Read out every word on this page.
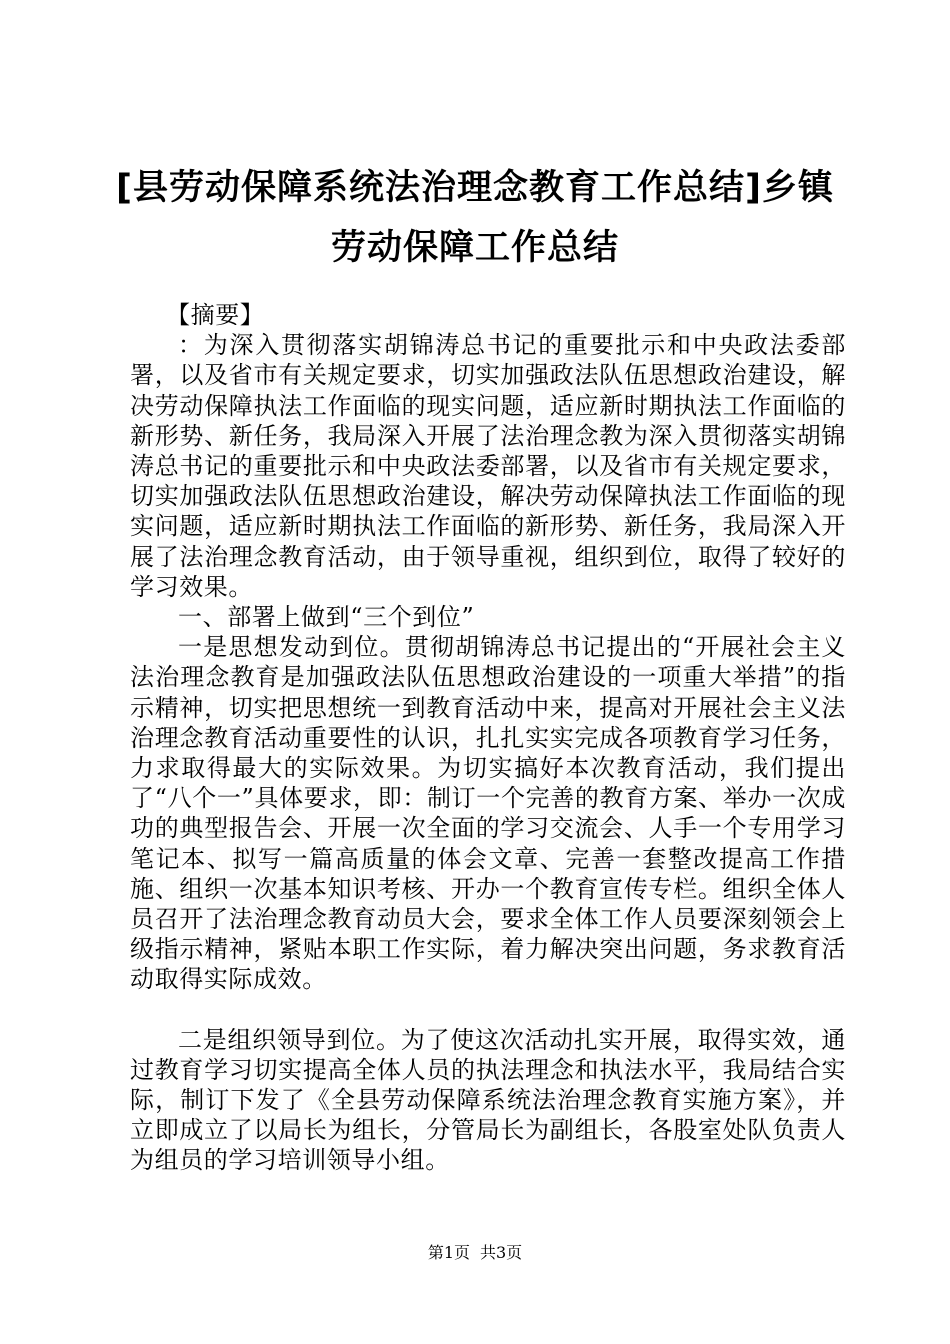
[县劳动保障系统法治理念教育工作总结]乡镇劳动保障工作总结

【摘要】

：为深入贯彻落实胡锦涛总书记的重要批示和中央政法委部署，以及省市有关规定要求，切实加强政法队伍思想政治建设，解决劳动保障执法工作面临的现实问题，适应新时期执法工作面临的新形势、新任务，我局深入开展了法治理念教为深入贯彻落实胡锦涛总书记的重要批示和中央政法委部署，以及省市有关规定要求，切实加强政法队伍思想政治建设，解决劳动保障执法工作面临的现实问题，适应新时期执法工作面临的新形势、新任务，我局深入开展了法治理念教育活动，由于领导重视，组织到位，取得了较好的学习效果。

一、部署上做到“三个到位”

一是思想发动到位。贯彻胡锦涛总书记提出的“开展社会主义法治理念教育是加强政法队伍思想政治建设的一项重大举措”的指示精神，切实把思想统一到教育活动中来，提高对开展社会主义法治理念教育活动重要性的认识，扎扎实实完成各项教育学习任务，力求取得最大的实际效果。为切实搞好本次教育活动，我们提出了“八个一”具体要求，即：制订一个完善的教育方案、举办一次成功的典型报告会、开展一次全面的学习交流会、人手一个专用学习笔记本、拟写一篇高质量的体会文章、完善一套整改提高工作措施、组织一次基本知识考核、开办一个教育宣传专栏。组织全体人员召开了法治理念教育动员大会，要求全体工作人员要深刻领会上级指示精神，紧贴本职工作实际，着力解决突出问题，务求教育活动取得实际成效。

二是组织领导到位。为了使这次活动扎实开展，取得实效，通过教育学习切实提高全体人员的执法理念和执法水平，我局结合实际，制订下发了《全县劳动保障系统法治理念教育实施方案》，并立即成立了以局长为组长，分管局长为副组长，各股室处队负责人为组员的学习培训领导小组。

第1页 共3页
